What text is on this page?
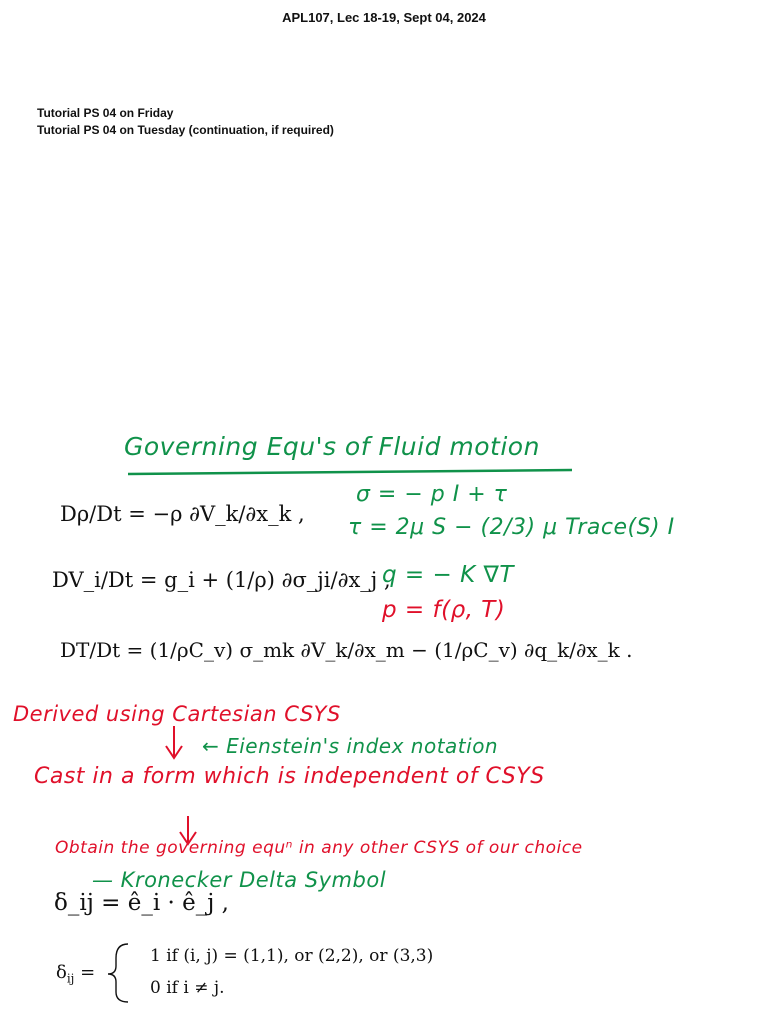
APL107, Lec 18-19, Sept 04, 2024
Tutorial PS 04 on Friday
Tutorial PS 04 on Tuesday (continuation, if required)
Governing Equ's of Fluid motion
Dρ/Dt = −ρ ∂V_k/∂x_k ,
DV_i/Dt = g_i + (1/ρ) ∂σ_ji/∂x_j ,
DT/Dt = (1/ρC_v) σ_mk ∂V_k/∂x_m − (1/ρC_v) ∂q_k/∂x_k .
σ = − p I + τ
τ = 2μ S − (2/3) μ Trace(S) I
q = − K ∇T
p = f(ρ, T)
Derived using Cartesian CSYS
← Eienstein's index notation
Cast in a form which is independent of CSYS
Obtain the governing equⁿ in any other CSYS of our choice
— Kronecker Delta Symbol
δ_ij = ê_i · ê_j ,
$\delta_{ij}$ =
1 if (i, j) = (1,1), or (2,2), or (3,3)
0 if i ≠ j.
